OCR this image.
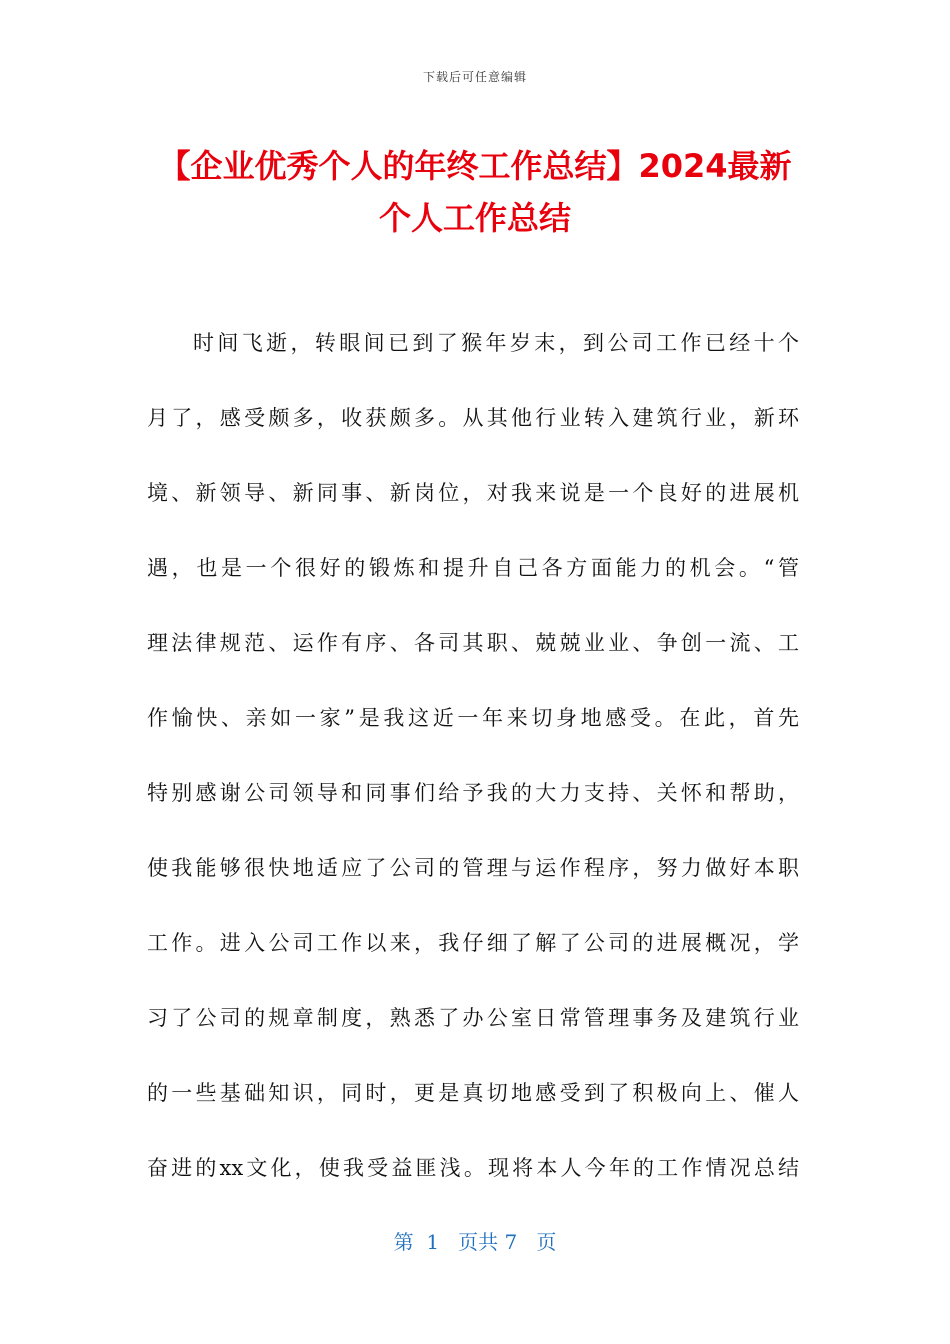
下载后可任意编辑
【企业优秀个人的年终工作总结】2024最新
个人工作总结
时间飞逝，转眼间已到了猴年岁末，到公司工作已经十个
月了，感受颇多，收获颇多。从其他行业转入建筑行业，新环
境、新领导、新同事、新岗位，对我来说是一个良好的进展机
遇，也是一个很好的锻炼和提升自己各方面能力的机会。“管
理法律规范、运作有序、各司其职、兢兢业业、争创一流、工
作愉快、亲如一家”是我这近一年来切身地感受。在此，首先
特别感谢公司领导和同事们给予我的大力支持、关怀和帮助，
使我能够很快地适应了公司的管理与运作程序，努力做好本职
工作。进入公司工作以来，我仔细了解了公司的进展概况，学
习了公司的规章制度，熟悉了办公室日常管理事务及建筑行业
的一些基础知识，同时，更是真切地感受到了积极向上、催人
奋进的xx文化，使我受益匪浅。现将本人今年的工作情况总结
第  1   页共 7   页
